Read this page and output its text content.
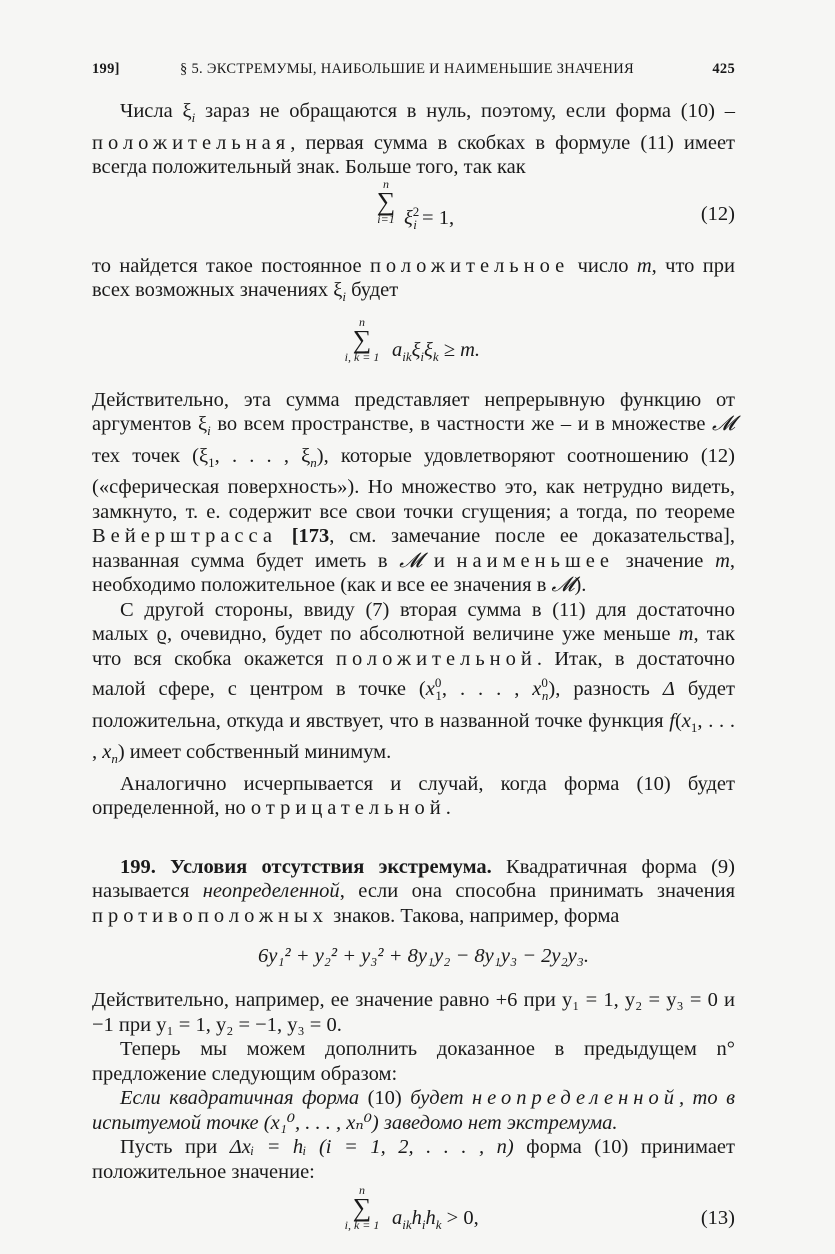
199]	§ 5. ЭКСТРЕМУМЫ, НАИБОЛЬШИЕ И НАИМЕНЬШИЕ ЗНАЧЕНИЯ	425
Числа $\xi_i$ зараз не обращаются в нуль, поэтому, если форма (10) – положительная, первая сумма в скобках в формуле (11) имеет всегда положительный знак. Больше того, так как
n
∑
i=1 $\xi^2_i = 1$,	(12)
то найдется такое постоянное положительное число m, что при всех возможных значениях $\xi_i$ будет
n
∑
i, k = 1 $a_{ik}\xi_i\xi_k \ge m$.
Действительно, эта сумма представляет непрерывную функцию от аргументов $\xi_i$ во всем пространстве, в частности же – и в множестве 𝓜 тех точек ($\xi_1$, . . . , $\xi_n$), которые удовлетворяют соотношению (12) («сферическая поверхность»). Но множество это, как нетрудно видеть, замкнуто, т. е. содержит все свои точки сгущения; а тогда, по теореме Вейерштрасса [173, см. замечание после ее доказательства], названная сумма будет иметь в 𝓜 и наименьшее значение m, необходимо положительное (как и все ее значения в 𝓜).
С другой стороны, ввиду (7) вторая сумма в (11) для достаточно малых ϱ, очевидно, будет по абсолютной величине уже меньше m, так что вся скобка окажется положительной. Итак, в достаточно малой сфере, с центром в точке ($x^0_1$, . . . , $x^0_n$), разность Δ будет положительна, откуда и явствует, что в названной точке функция $f(x_1$, . . . , $x_n$) имеет собственный минимум.
Аналогично исчерпывается и случай, когда форма (10) будет определенной, но отрицательной.
199. Условия отсутствия экстремума. Квадратичная форма (9) называется неопределенной, если она способна принимать значения противоположных знаков. Такова, например, форма
6y₁² + y₂² + y₃² + 8y₁y₂ − 8y₁y₃ − 2y₂y₃.
Действительно, например, ее значение равно +6 при y₁ = 1, y₂ = y₃ = 0 и −1 при y₁ = 1, y₂ = −1, y₃ = 0.
Теперь мы можем дополнить доказанное в предыдущем n° предложение следующим образом:
Если квадратичная форма (10) будет неопределенной, то в испытуемой точке (x₁⁰, . . . , xₙ⁰) заведомо нет экстремума.
Пусть при Δxᵢ = hᵢ (i = 1, 2, . . . , n) форма (10) принимает положительное значение:
n
∑
i, k = 1 $a_{ik}h_ih_k > 0$,	(13)
